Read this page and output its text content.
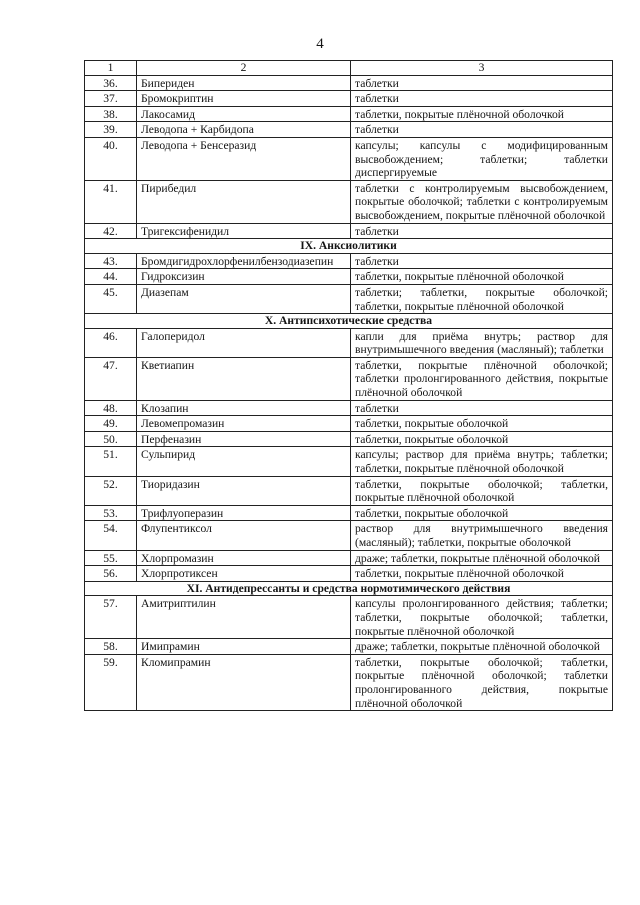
4
1	2	3
36.	Бипериден	таблетки
37.	Бромокриптин	таблетки
38.	Лакосамид	таблетки, покрытые плёночной оболочкой
39.	Леводопа + Карбидопа	таблетки
40.	Леводопа + Бенсеразид	капсулы; капсулы с модифицированным высвобождением; таблетки; таблетки диспергируемые
41.	Пирибедил	таблетки с контролируемым высвобождением, покрытые оболочкой; таблетки с контролируемым высвобождением, покрытые плёночной оболочкой
42.	Тригексифенидил	таблетки
IX. Анксиолитики		
43.	Бромдигидрохлорфенилбензодиазепин	таблетки
44.	Гидроксизин	таблетки, покрытые плёночной оболочкой
45.	Диазепам	таблетки; таблетки, покрытые оболочкой; таблетки, покрытые плёночной оболочкой
X. Антипсихотические средства		
46.	Галоперидол	капли для приёма внутрь; раствор для внутримышечного введения (масляный); таблетки
47.	Кветиапин	таблетки, покрытые плёночной оболочкой; таблетки пролонгированного действия, покрытые плёночной оболочкой
48.	Клозапин	таблетки
49.	Левомепромазин	таблетки, покрытые оболочкой
50.	Перфеназин	таблетки, покрытые оболочкой
51.	Сульпирид	капсулы; раствор для приёма внутрь; таблетки; таблетки, покрытые плёночной оболочкой
52.	Тиоридазин	таблетки, покрытые оболочкой; таблетки, покрытые плёночной оболочкой
53.	Трифлуоперазин	таблетки, покрытые оболочкой
54.	Флупентиксол	раствор для внутримышечного введения (масляный); таблетки, покрытые оболочкой
55.	Хлорпромазин	драже; таблетки, покрытые плёночной оболочкой
56.	Хлорпротиксен	таблетки, покрытые плёночной оболочкой
XI. Антидепрессанты и средства нормотимического действия		
57.	Амитриптилин	капсулы пролонгированного действия; таблетки; таблетки, покрытые оболочкой; таблетки, покрытые плёночной оболочкой
58.	Имипрамин	драже; таблетки, покрытые плёночной оболочкой
59.	Кломипрамин	таблетки, покрытые оболочкой; таблетки, покрытые плёночной оболочкой; таблетки пролонгированного действия, покрытые плёночной оболочкой
